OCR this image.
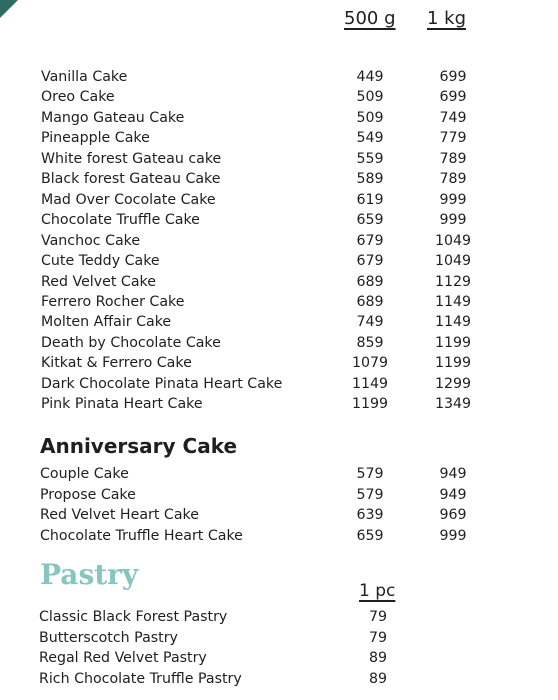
500 g 1 kg
Vanilla Cake	449	699
Oreo Cake	509	699
Mango Gateau Cake	509	749
Pineapple Cake	549	779
White forest Gateau cake	559	789
Black forest Gateau Cake	589	789
Mad Over Cocolate Cake	619	999
Chocolate Truffle Cake	659	999
Vanchoc Cake	679	1049
Cute Teddy Cake	679	1049
Red Velvet Cake	689	1129
Ferrero Rocher Cake	689	1149
Molten Affair Cake	749	1149
Death by Chocolate Cake	859	1199
Kitkat & Ferrero Cake	1079	1199
Dark Chocolate Pinata Heart Cake	1149	1299
Pink Pinata Heart Cake	1199	1349
Anniversary Cake
Couple Cake	579	949
Propose Cake	579	949
Red Velvet Heart Cake	639	969
Chocolate Truffle Heart Cake	659	999
Pastry	1 pc
Classic Black Forest Pastry	79
Butterscotch Pastry	79
Regal Red Velvet Pastry	89
Rich Chocolate Truffle Pastry	89
